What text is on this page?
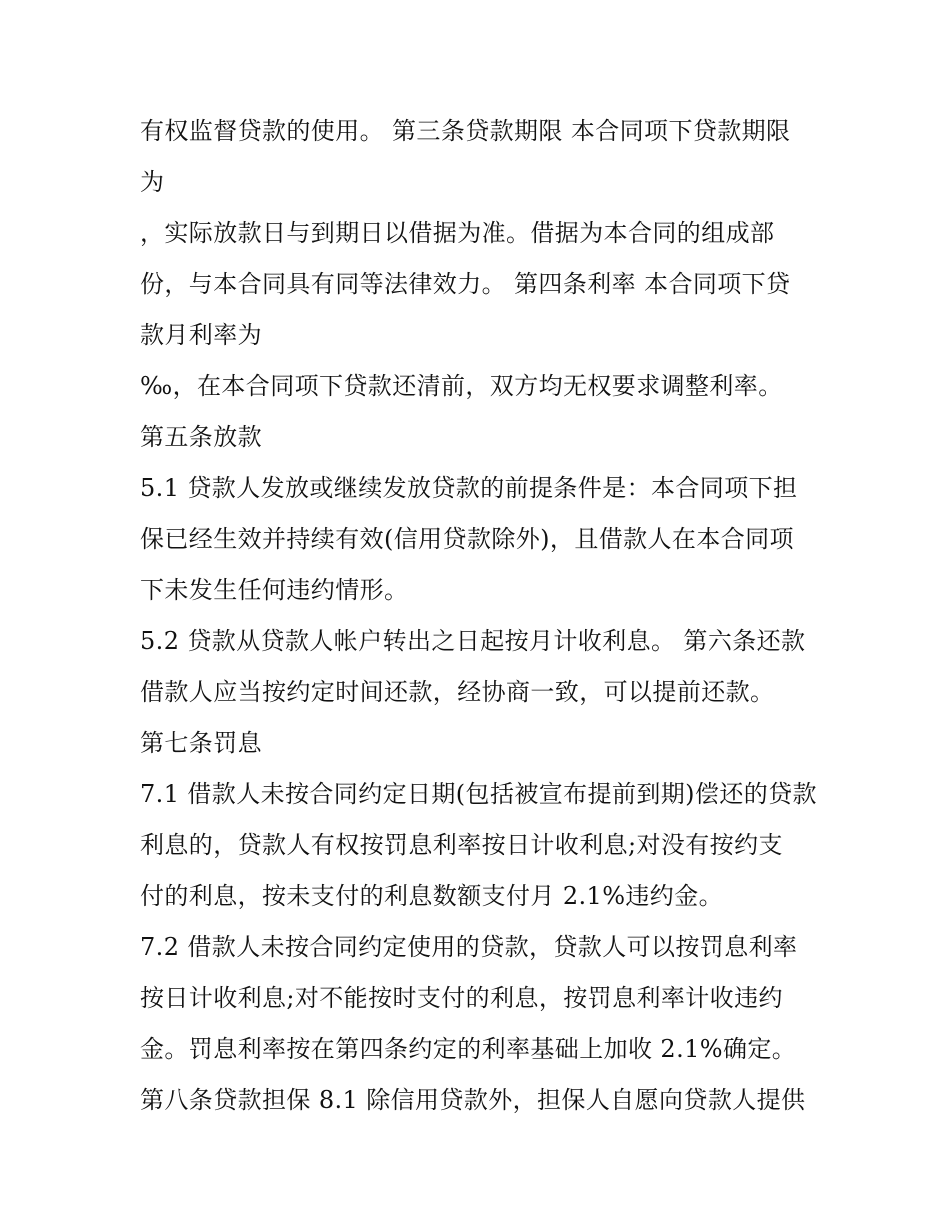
有权监督贷款的使用。 第三条贷款期限 本合同项下贷款期限
为
，实际放款日与到期日以借据为准。借据为本合同的组成部
份，与本合同具有同等法律效力。 第四条利率 本合同项下贷
款月利率为
‰，在本合同项下贷款还清前，双方均无权要求调整利率。
第五条放款
5.1 贷款人发放或继续发放贷款的前提条件是：本合同项下担
保已经生效并持续有效(信用贷款除外)，且借款人在本合同项
下未发生任何违约情形。
5.2 贷款从贷款人帐户转出之日起按月计收利息。 第六条还款
借款人应当按约定时间还款，经协商一致，可以提前还款。
第七条罚息
7.1 借款人未按合同约定日期(包括被宣布提前到期)偿还的贷款
利息的，贷款人有权按罚息利率按日计收利息;对没有按约支
付的利息，按未支付的利息数额支付月 2.1%违约金。
7.2 借款人未按合同约定使用的贷款，贷款人可以按罚息利率
按日计收利息;对不能按时支付的利息，按罚息利率计收违约
金。罚息利率按在第四条约定的利率基础上加收 2.1%确定。
第八条贷款担保 8.1 除信用贷款外，担保人自愿向贷款人提供
